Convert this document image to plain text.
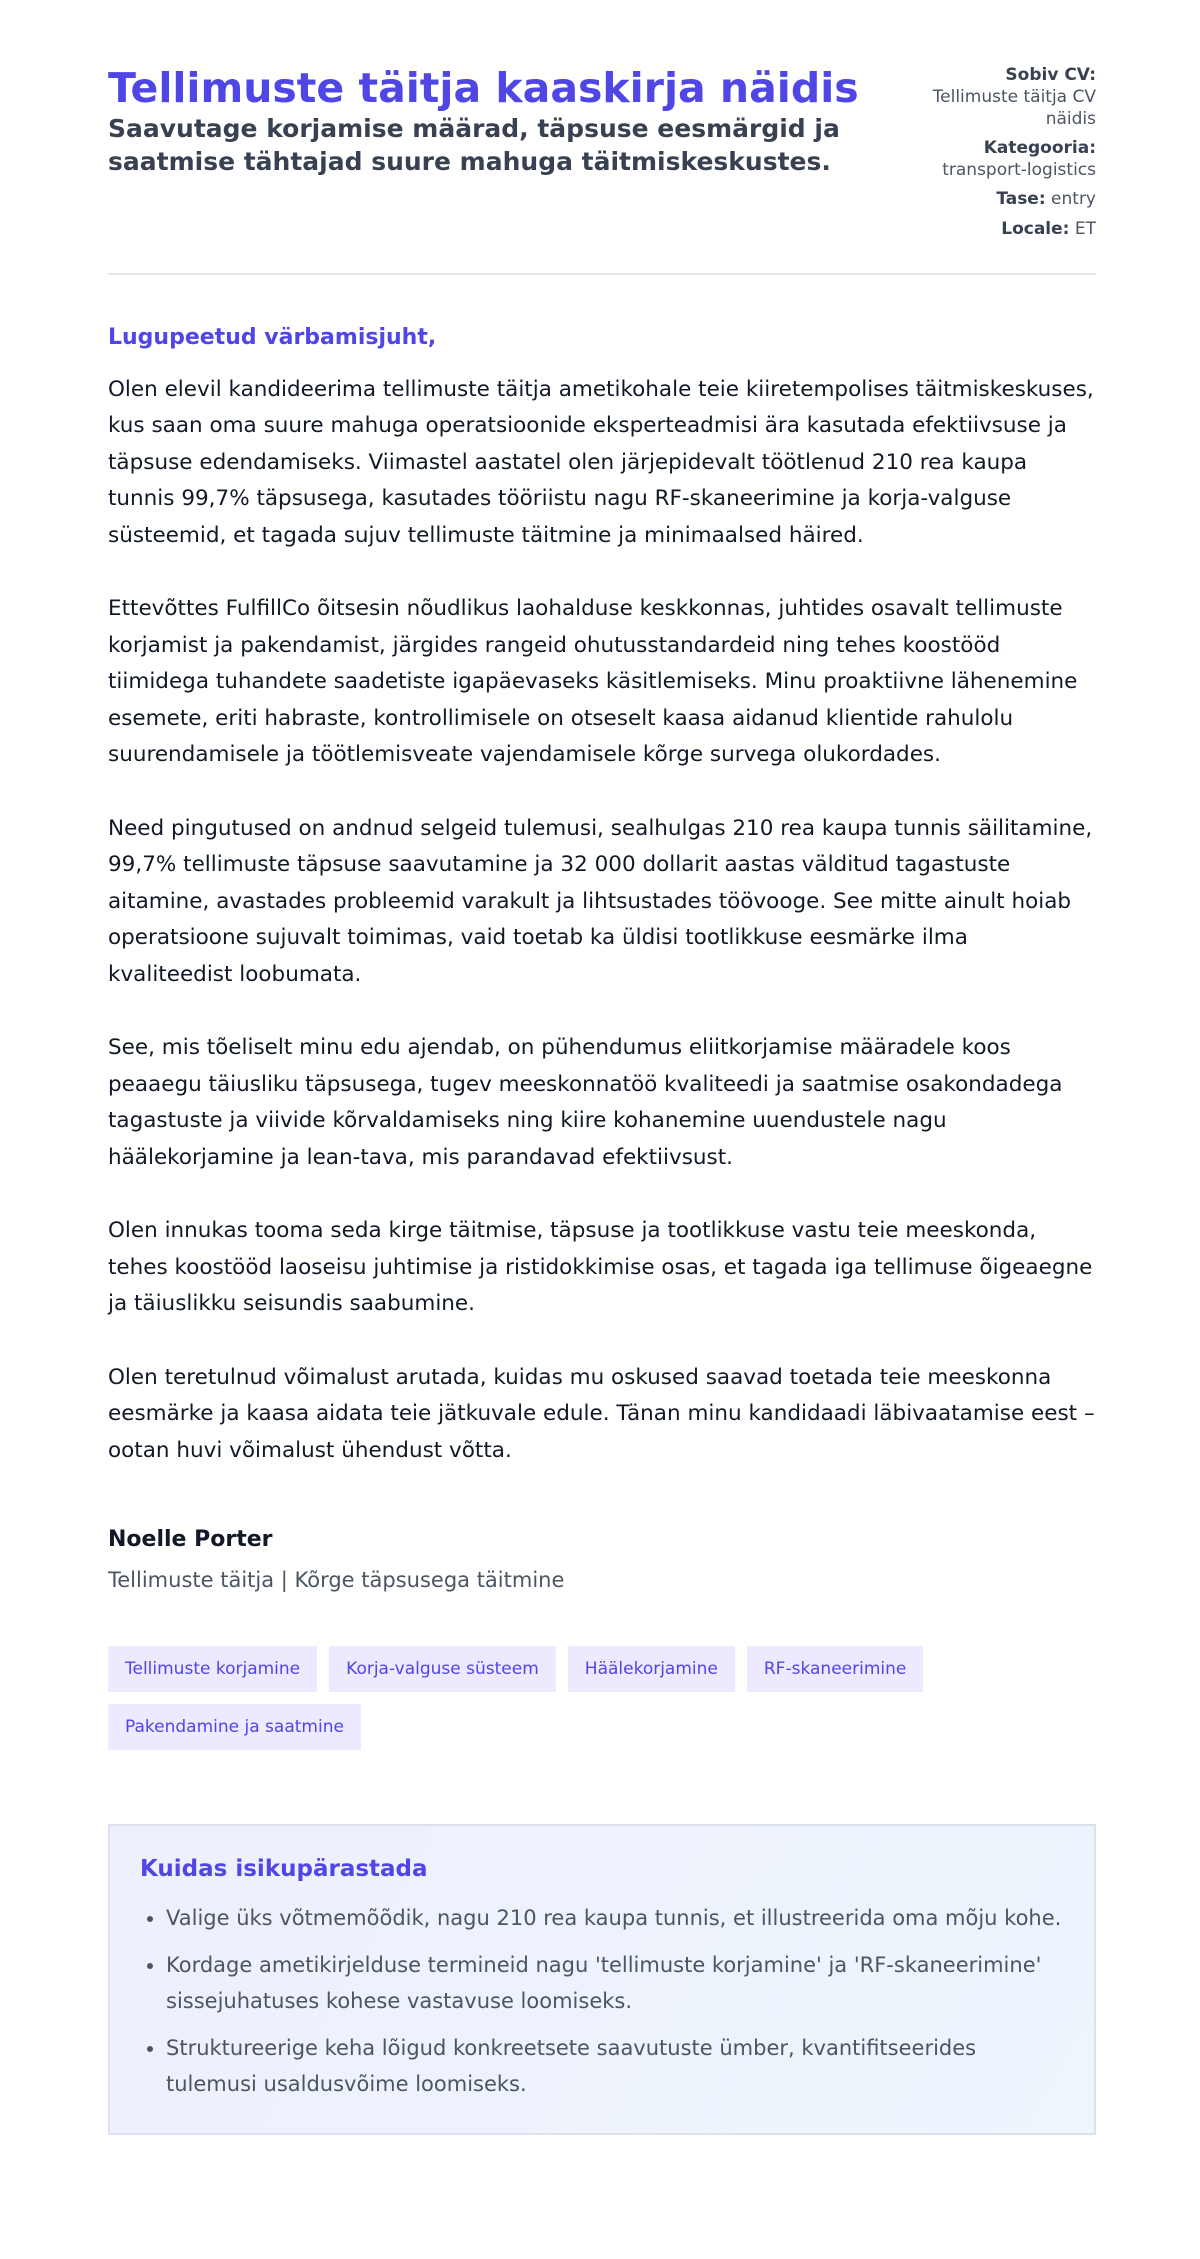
Tellimuste täitja kaaskirja näidis

Saavutage korjamise määrad, täpsuse eesmärgid ja saatmise tähtajad suure mahuga täitmiskeskustes.

Sobiv CV:
Tellimuste täitja CV näidis
Kategooria:
transport-logistics
Tase: entry
Locale: ET
Lugupeetud värbamisjuht,

Olen elevil kandideerima tellimuste täitja ametikohale teie kiiretempolises täitmiskeskuses, kus saan oma suure mahuga operatsioonide eksperteadmisi ära kasutada efektiivsuse ja täpsuse edendamiseks. Viimastel aastatel olen järjepidevalt töötlenud 210 rea kaupa tunnis 99,7% täpsusega, kasutades tööriistu nagu RF-skaneerimine ja korja-valguse süsteemid, et tagada sujuv tellimuste täitmine ja minimaalsed häired.

Ettevõttes FulfillCo õitsesin nõudlikus laohalduse keskkonnas, juhtides osavalt tellimuste korjamist ja pakendamist, järgides rangeid ohutusstandardeid ning tehes koostööd tiimidega tuhandete saadetiste igapäevaseks käsitlemiseks. Minu proaktiivne lähenemine esemete, eriti habraste, kontrollimisele on otseselt kaasa aidanud klientide rahulolu suurendamisele ja töötlemisveate vajendamisele kõrge survega olukordades.

Need pingutused on andnud selgeid tulemusi, sealhulgas 210 rea kaupa tunnis säilitamine, 99,7% tellimuste täpsuse saavutamine ja 32 000 dollarit aastas välditud tagastuste aitamine, avastades probleemid varakult ja lihtsustades töövooge. See mitte ainult hoiab operatsioone sujuvalt toimimas, vaid toetab ka üldisi tootlikkuse eesmärke ilma kvaliteedist loobumata.

See, mis tõeliselt minu edu ajendab, on pühendumus eliitkorjamise määradele koos peaaegu täiusliku täpsusega, tugev meeskonnatöö kvaliteedi ja saatmise osakondadega tagastuste ja viivide kõrvaldamiseks ning kiire kohanemine uuendustele nagu häälekorjamine ja lean-tava, mis parandavad efektiivsust.

Olen innukas tooma seda kirge täitmise, täpsuse ja tootlikkuse vastu teie meeskonda, tehes koostööd laoseisu juhtimise ja ristidokkimise osas, et tagada iga tellimuse õigeaegne ja täiuslikku seisundis saabumine.

Olen teretulnud võimalust arutada, kuidas mu oskused saavad toetada teie meeskonna eesmärke ja kaasa aidata teie jätkuvale edule. Tänan minu kandidaadi läbivaatamise eest – ootan huvi võimalust ühendust võtta.

Noelle Porter
Tellimuste täitja | Kõrge täpsusega täitmine
Tellimuste korjamine	Korja-valguse süsteem	Häälekorjamine	RF-skaneerimine
Pakendamine ja saatmine
Kuidas isikupärastada
• Valige üks võtmemõõdik, nagu 210 rea kaupa tunnis, et illustreerida oma mõju kohe.
• Kordage ametikirjelduse termineid nagu 'tellimuste korjamine' ja 'RF-skaneerimine' sissejuhatuses kohese vastavuse loomiseks.
• Struktureerige keha lõigud konkreetsete saavutuste ümber, kvantifitseerides tulemusi usaldusvõime loomiseks.
